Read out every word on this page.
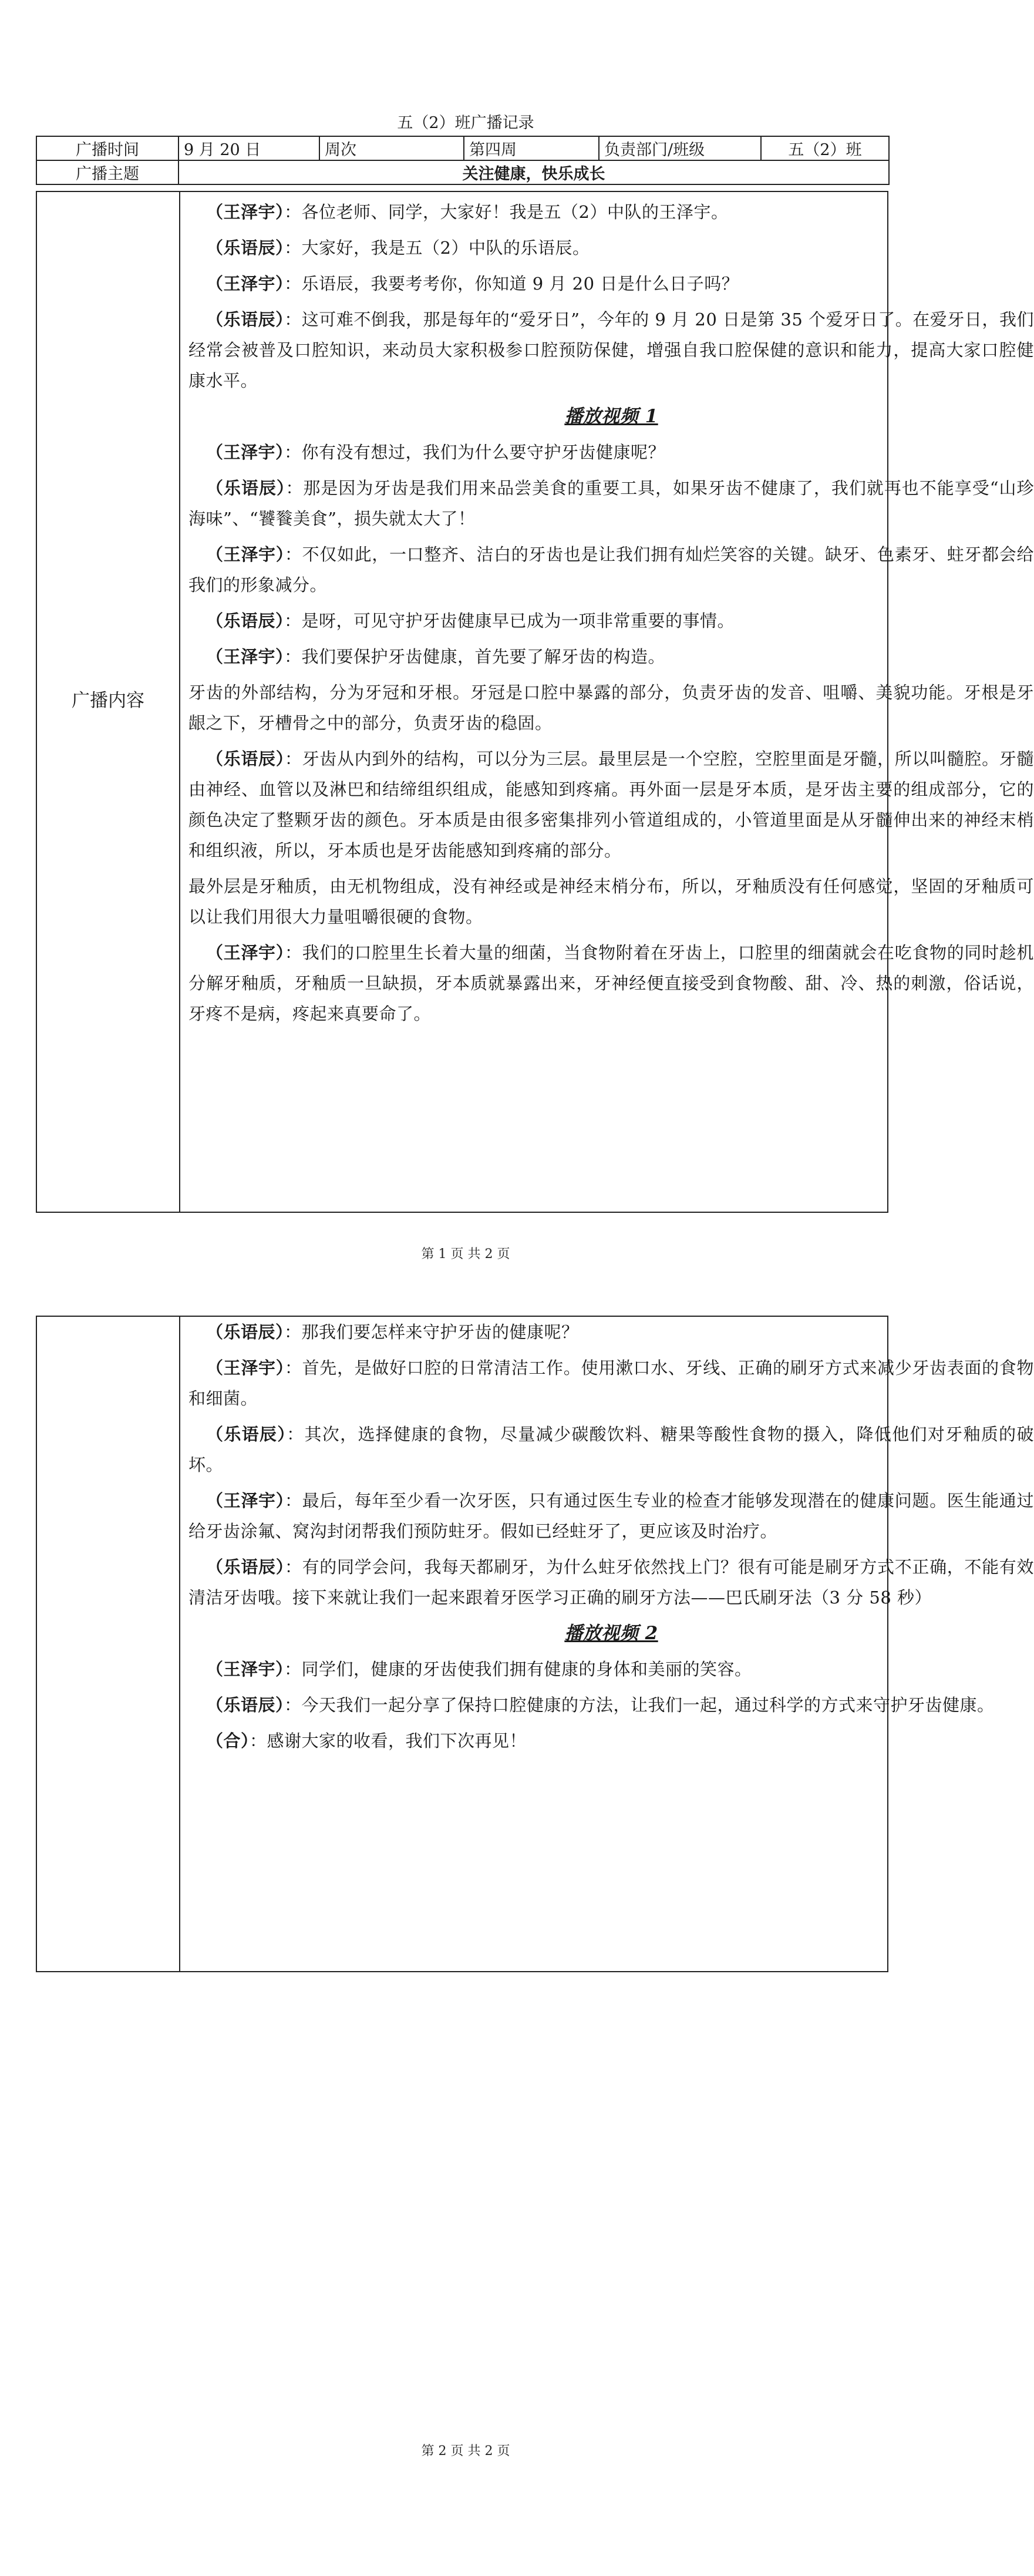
五（2）班广播记录
广播时间	9 月 20 日	周次	第四周	负责部门/班级	五（2）班
广播主题	关注健康，快乐成长				
广播内容

（王泽宇）：各位老师、同学，大家好！我是五（2）中队的王泽宇。

（乐语辰）：大家好，我是五（2）中队的乐语辰。

（王泽宇）：乐语辰，我要考考你，你知道 9 月 20 日是什么日子吗？

（乐语辰）：这可难不倒我，那是每年的“爱牙日”，今年的 9 月 20 日是第 35 个爱牙日了。在爱牙日，我们经常会被普及口腔知识，来动员大家积极参口腔预防保健，增强自我口腔保健的意识和能力，提高大家口腔健康水平。

播放视频 1

（王泽宇）：你有没有想过，我们为什么要守护牙齿健康呢？

（乐语辰）：那是因为牙齿是我们用来品尝美食的重要工具，如果牙齿不健康了，我们就再也不能享受“山珍海味”、“饕餮美食”，损失就太大了！

（王泽宇）：不仅如此，一口整齐、洁白的牙齿也是让我们拥有灿烂笑容的关键。缺牙、色素牙、蛀牙都会给我们的形象减分。

（乐语辰）：是呀，可见守护牙齿健康早已成为一项非常重要的事情。

（王泽宇）：我们要保护牙齿健康，首先要了解牙齿的构造。

牙齿的外部结构，分为牙冠和牙根。牙冠是口腔中暴露的部分，负责牙齿的发音、咀嚼、美貌功能。牙根是牙龈之下，牙槽骨之中的部分，负责牙齿的稳固。

（乐语辰）：牙齿从内到外的结构，可以分为三层。最里层是一个空腔，空腔里面是牙髓，所以叫髓腔。牙髓由神经、血管以及淋巴和结缔组织组成，能感知到疼痛。再外面一层是牙本质，是牙齿主要的组成部分，它的颜色决定了整颗牙齿的颜色。牙本质是由很多密集排列小管道组成的，小管道里面是从牙髓伸出来的神经末梢和组织液，所以，牙本质也是牙齿能感知到疼痛的部分。

最外层是牙釉质，由无机物组成，没有神经或是神经末梢分布，所以，牙釉质没有任何感觉，坚固的牙釉质可以让我们用很大力量咀嚼很硬的食物。

（王泽宇）：我们的口腔里生长着大量的细菌，当食物附着在牙齿上，口腔里的细菌就会在吃食物的同时趁机分解牙釉质，牙釉质一旦缺损，牙本质就暴露出来，牙神经便直接受到食物酸、甜、冷、热的刺激，俗话说，牙疼不是病，疼起来真要命了。

第 1 页 共 2 页

（乐语辰）：那我们要怎样来守护牙齿的健康呢？

（王泽宇）：首先，是做好口腔的日常清洁工作。使用漱口水、牙线、正确的刷牙方式来减少牙齿表面的食物和细菌。

（乐语辰）：其次，选择健康的食物，尽量减少碳酸饮料、糖果等酸性食物的摄入，降低他们对牙釉质的破坏。

（王泽宇）：最后，每年至少看一次牙医，只有通过医生专业的检查才能够发现潜在的健康问题。医生能通过给牙齿涂氟、窝沟封闭帮我们预防蛀牙。假如已经蛀牙了，更应该及时治疗。

（乐语辰）：有的同学会问，我每天都刷牙，为什么蛀牙依然找上门？很有可能是刷牙方式不正确，不能有效清洁牙齿哦。接下来就让我们一起来跟着牙医学习正确的刷牙方法——巴氏刷牙法（3 分 58 秒）

播放视频 2

（王泽宇）：同学们，健康的牙齿使我们拥有健康的身体和美丽的笑容。

（乐语辰）：今天我们一起分享了保持口腔健康的方法，让我们一起，通过科学的方式来守护牙齿健康。

（合）：感谢大家的收看，我们下次再见！

第 2 页 共 2 页
